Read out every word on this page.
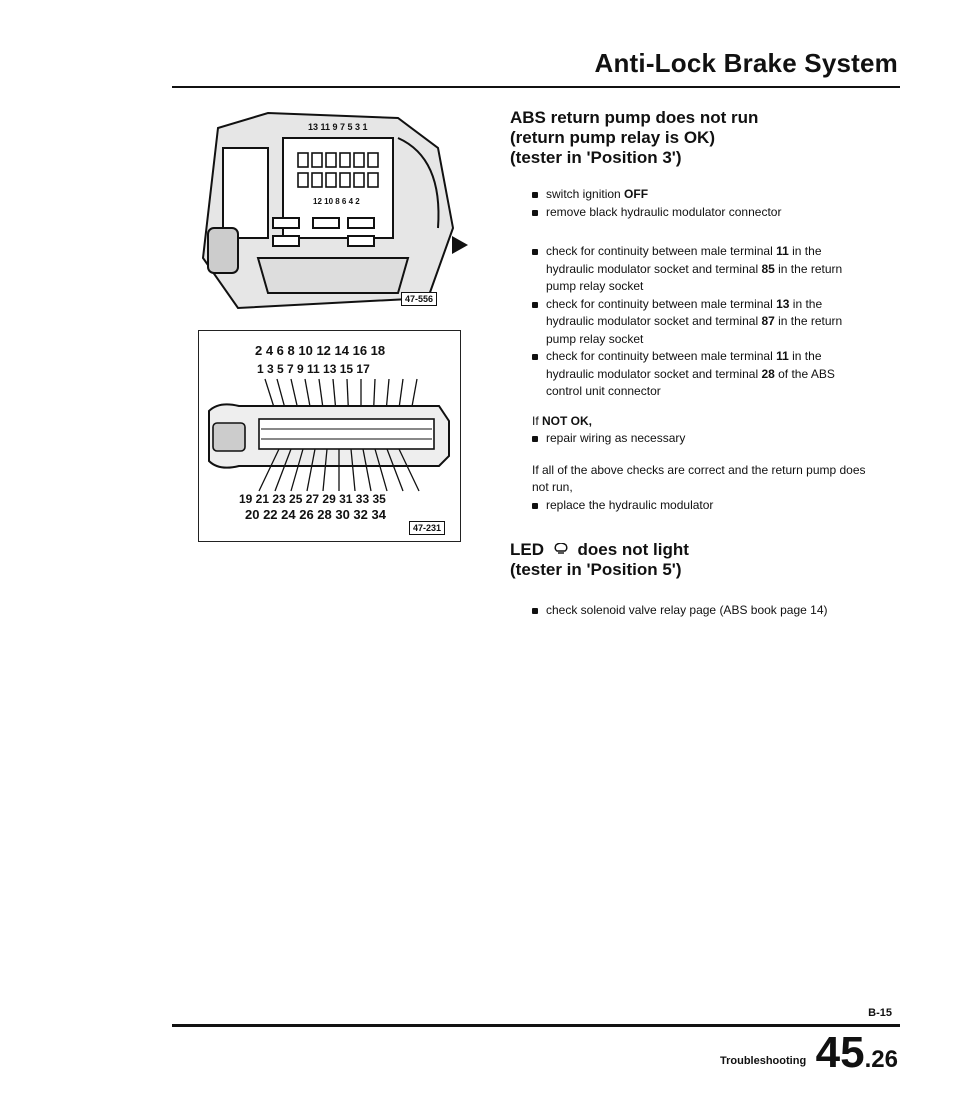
Anti-Lock Brake System
13 11 9 7 5 3 1
12 10 8 6 4 2
47-556
2 4 6 8 10 12 14 16 18
1 3 5 7 9 11 13 15 17
19 21 23 25 27 29 31 33 35
20 22 24 26 28 30 32 34
47-231
ABS return pump does not run
(return pump relay is OK)
(tester in 'Position 3')
switch ignition OFF
remove black hydraulic modulator connector
check for continuity between male terminal 11 in the hydraulic modulator socket and terminal 85 in the return pump relay socket
check for continuity between male terminal 13 in the hydraulic modulator socket and terminal 87 in the return pump relay socket
check for continuity between male terminal 11 in the hydraulic modulator socket and terminal 28 of the ABS control unit connector

If NOT OK,

repair wiring as necessary

If all of the above checks are correct and the return pump does not run,

replace the hydraulic modulator
LED does not light
(tester in 'Position 5')
check solenoid valve relay page (ABS book page 14)
B-15
Troubleshooting 45.26
